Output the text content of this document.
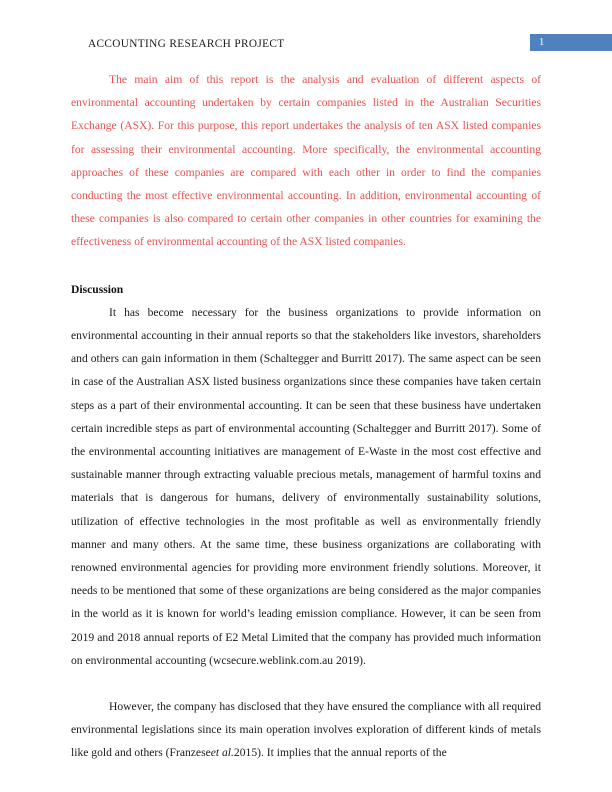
ACCOUNTING RESEARCH PROJECT	1

The main aim of this report is the analysis and evaluation of different aspects of environmental accounting undertaken by certain companies listed in the Australian Securities Exchange (ASX). For this purpose, this report undertakes the analysis of ten ASX listed companies for assessing their environmental accounting. More specifically, the environmental accounting approaches of these companies are compared with each other in order to find the companies conducting the most effective environmental accounting. In addition, environmental accounting of these companies is also compared to certain other companies in other countries for examining the effectiveness of environmental accounting of the ASX listed companies.

Discussion

It has become necessary for the business organizations to provide information on environmental accounting in their annual reports so that the stakeholders like investors, shareholders and others can gain information in them (Schaltegger and Burritt 2017). The same aspect can be seen in case of the Australian ASX listed business organizations since these companies have taken certain steps as a part of their environmental accounting. It can be seen that these business have undertaken certain incredible steps as part of environmental accounting (Schaltegger and Burritt 2017). Some of the environmental accounting initiatives are management of E-Waste in the most cost effective and sustainable manner through extracting valuable precious metals, management of harmful toxins and materials that is dangerous for humans, delivery of environmentally sustainability solutions, utilization of effective technologies in the most profitable as well as environmentally friendly manner and many others. At the same time, these business organizations are collaborating with renowned environmental agencies for providing more environment friendly solutions. Moreover, it needs to be mentioned that some of these organizations are being considered as the major companies in the world as it is known for world’s leading emission compliance. However, it can be seen from 2019 and 2018 annual reports of E2 Metal Limited that the company has provided much information on environmental accounting (wcsecure.weblink.com.au 2019).

However, the company has disclosed that they have ensured the compliance with all required environmental legislations since its main operation involves exploration of different kinds of metals like gold and others (Franzeseet al.2015). It implies that the annual reports of the
